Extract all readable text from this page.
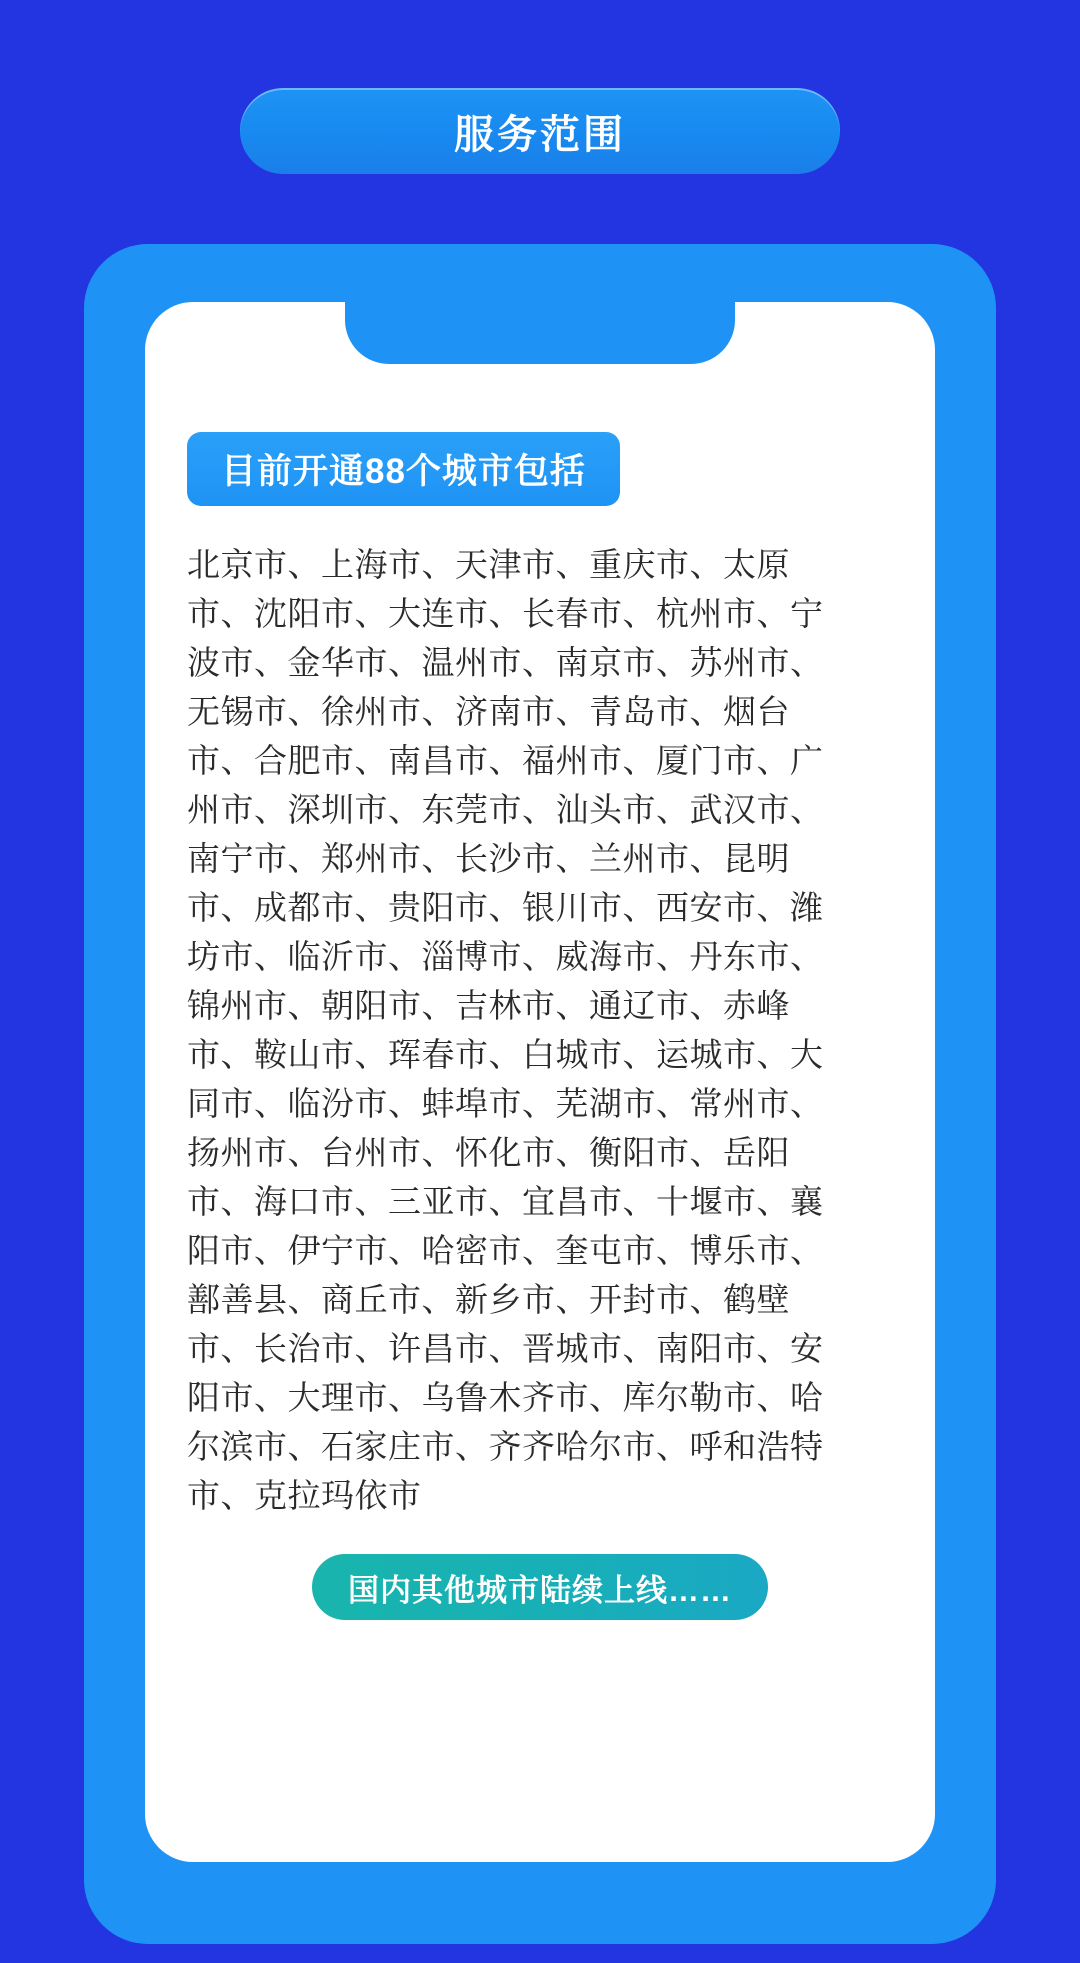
服务范围
目前开通88个城市包括
北京市、上海市、天津市、重庆市、太原市、沈阳市、大连市、长春市、杭州市、宁波市、金华市、温州市、南京市、苏州市、无锡市、徐州市、济南市、青岛市、烟台市、合肥市、南昌市、福州市、厦门市、广州市、深圳市、东莞市、汕头市、武汉市、南宁市、郑州市、长沙市、兰州市、昆明市、成都市、贵阳市、银川市、西安市、潍坊市、临沂市、淄博市、威海市、丹东市、锦州市、朝阳市、吉林市、通辽市、赤峰市、鞍山市、珲春市、白城市、运城市、大同市、临汾市、蚌埠市、芜湖市、常州市、扬州市、台州市、怀化市、衡阳市、岳阳市、海口市、三亚市、宜昌市、十堰市、襄阳市、伊宁市、哈密市、奎屯市、博乐市、鄯善县、商丘市、新乡市、开封市、鹤壁市、长治市、许昌市、晋城市、南阳市、安阳市、大理市、乌鲁木齐市、库尔勒市、哈尔滨市、石家庄市、齐齐哈尔市、呼和浩特市、克拉玛依市
国内其他城市陆续上线……
